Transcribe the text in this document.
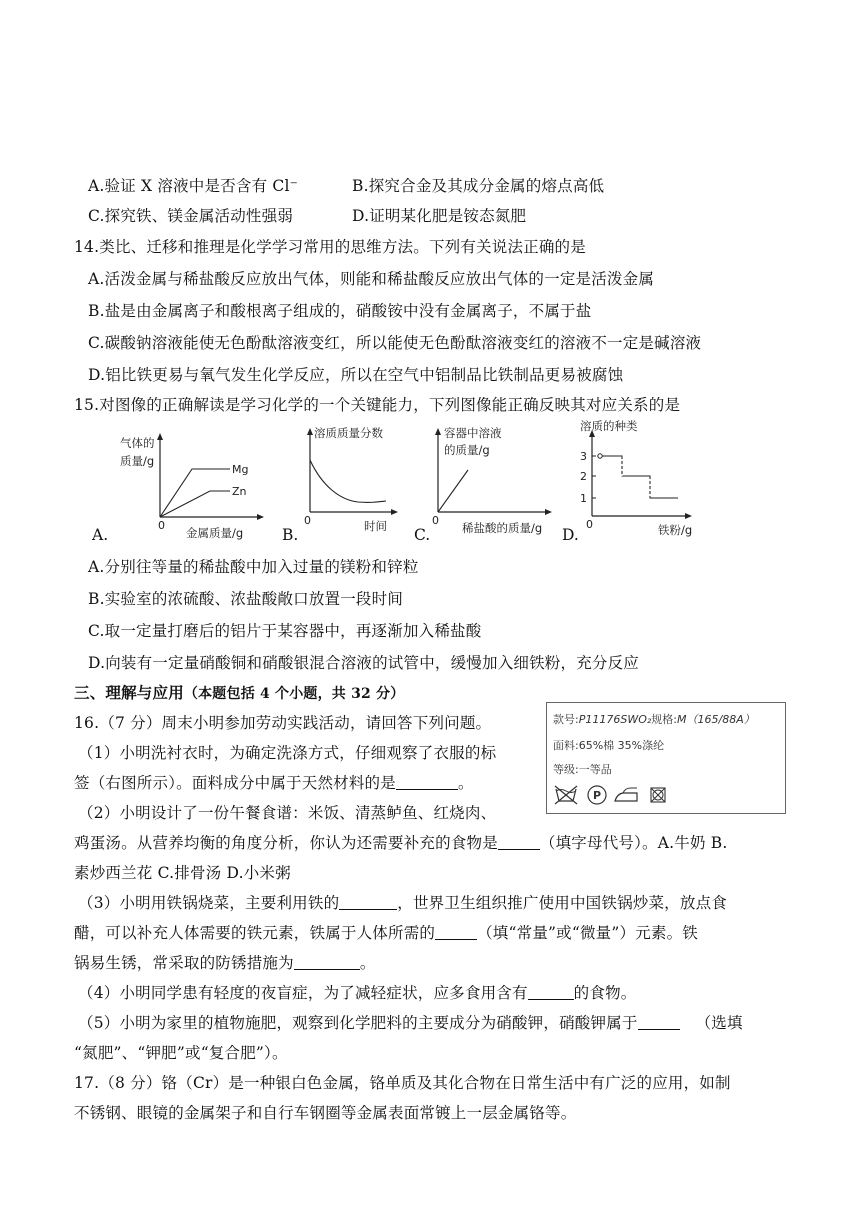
A.验证 X 溶液中是否含有 Cl⁻	B.探究合金及其成分金属的熔点高低
C.探究铁、镁金属活动性强弱	D.证明某化肥是铵态氮肥
14.类比、迁移和推理是化学学习常用的思维方法。下列有关说法正确的是
A.活泼金属与稀盐酸反应放出气体，则能和稀盐酸反应放出气体的一定是活泼金属
B.盐是由金属离子和酸根离子组成的，硝酸铵中没有金属离子，不属于盐
C.碳酸钠溶液能使无色酚酞溶液变红，所以能使无色酚酞溶液变红的溶液不一定是碱溶液
D.铝比铁更易与氧气发生化学反应，所以在空气中铝制品比铁制品更易被腐蚀
15.对图像的正确解读是学习化学的一个关键能力，下列图像能正确反映其对应关系的是
气体的
质量/g
Mg
Zn
0
金属质量/g
A.
溶质质量分数
0	时间
B.
容器中溶液
的质量/g
0
稀盐酸的质量/g
C.
溶质的种类
3
2
1
0	铁粉/g
D.
A.分别往等量的稀盐酸中加入过量的镁粉和锌粒
B.实验室的浓硫酸、浓盐酸敞口放置一段时间
C.取一定量打磨后的铝片于某容器中，再逐渐加入稀盐酸
D.向装有一定量硝酸铜和硝酸银混合溶液的试管中，缓慢加入细铁粉，充分反应
三、理解与应用（本题包括 4 个小题，共 32 分）
16.（7 分）周末小明参加劳动实践活动，请回答下列问题。
（1）小明洗衬衣时，为确定洗涤方式，仔细观察了衣服的标
签（右图所示）。面料成分中属于天然材料的是	。
（2）小明设计了一份午餐食谱：米饭、清蒸鲈鱼、红烧肉、
鸡蛋汤。从营养均衡的角度分析，你认为还需要补充的食物是	（填字母代号）。A.牛奶 B.
素炒西兰花 C.排骨汤 D.小米粥
（3）小明用铁锅烧菜，主要利用铁的	，世界卫生组织推广使用中国铁锅炒菜，放点食
醋，可以补充人体需要的铁元素，铁属于人体所需的	（填“常量”或“微量”）元素。铁
锅易生锈，常采取的防锈措施为	。
（4）小明同学患有轻度的夜盲症，为了减轻症状，应多食用含有	的食物。
（5）小明为家里的植物施肥，观察到化学肥料的主要成分为硝酸钾，硝酸钾属于	（选填
“氮肥”、“钾肥”或“复合肥”）。
款号:P11176SWO₂规格:M（165/88A）
面料:65%棉 35%涤纶
等级:一等品
P
17.（8 分）铬（Cr）是一种银白色金属，铬单质及其化合物在日常生活中有广泛的应用，如制
不锈钢、眼镜的金属架子和自行车钢圈等金属表面常镀上一层金属铬等。
